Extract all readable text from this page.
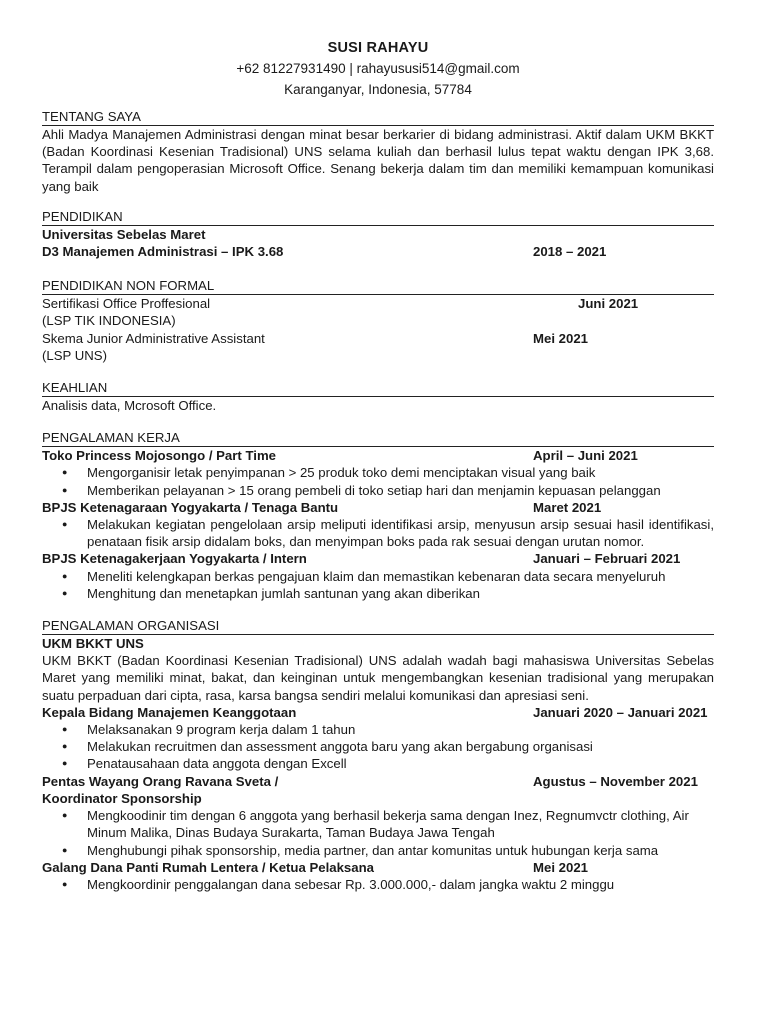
SUSI RAHAYU
+62 81227931490 | rahayususi514@gmail.com
Karanganyar, Indonesia, 57784
TENTANG SAYA
Ahli Madya Manajemen Administrasi dengan minat besar berkarier di bidang administrasi. Aktif dalam UKM BKKT (Badan Koordinasi Kesenian Tradisional) UNS selama kuliah dan berhasil lulus tepat waktu dengan IPK 3,68. Terampil dalam pengoperasian Microsoft Office. Senang bekerja dalam tim dan memiliki kemampuan komunikasi yang baik
PENDIDIKAN
Universitas Sebelas Maret
D3 Manajemen Administrasi – IPK 3.68	2018 – 2021
PENDIDIKAN NON FORMAL
Sertifikasi Office Proffesional	Juni 2021
(LSP TIK INDONESIA)
Skema Junior Administrative Assistant	Mei 2021
(LSP UNS)
KEAHLIAN
Analisis data, Mcrosoft Office.
PENGALAMAN KERJA
Toko Princess Mojosongo / Part Time	April – Juni 2021
● Mengorganisir letak penyimpanan > 25 produk toko demi menciptakan visual yang baik
● Memberikan pelayanan > 15 orang pembeli di toko setiap hari dan menjamin kepuasan pelanggan
BPJS Ketenagaraan Yogyakarta / Tenaga Bantu	Maret 2021
● Melakukan kegiatan pengelolaan arsip meliputi identifikasi arsip, menyusun arsip sesuai hasil identifikasi, penataan fisik arsip didalam boks, dan menyimpan boks pada rak sesuai dengan urutan nomor.
BPJS Ketenagakerjaan Yogyakarta / Intern	Januari – Februari 2021
● Meneliti kelengkapan berkas pengajuan klaim dan memastikan kebenaran data secara menyeluruh
● Menghitung dan menetapkan jumlah santunan yang akan diberikan
PENGALAMAN ORGANISASI
UKM BKKT UNS
UKM BKKT (Badan Koordinasi Kesenian Tradisional) UNS adalah wadah bagi mahasiswa Universitas Sebelas Maret yang memiliki minat, bakat, dan keinginan untuk mengembangkan kesenian tradisional yang merupakan suatu perpaduan dari cipta, rasa, karsa bangsa sendiri melalui komunikasi dan apresiasi seni.
Kepala Bidang Manajemen Keanggotaan	Januari 2020 – Januari 2021
● Melaksanakan 9 program kerja dalam 1 tahun
● Melakukan recruitmen dan assessment anggota baru yang akan bergabung organisasi
● Penatausahaan data anggota dengan Excell
Pentas Wayang Orang Ravana Sveta /	Agustus – November 2021
Koordinator Sponsorship
● Mengkoodinir tim dengan 6 anggota yang berhasil bekerja sama dengan Inez, Regnumvctr clothing, Air Minum Malika, Dinas Budaya Surakarta, Taman Budaya Jawa Tengah
● Menghubungi pihak sponsorship, media partner, dan antar komunitas untuk hubungan kerja sama
Galang Dana Panti Rumah Lentera / Ketua Pelaksana	Mei 2021
● Mengkoordinir penggalangan dana sebesar Rp. 3.000.000,- dalam jangka waktu 2 minggu
